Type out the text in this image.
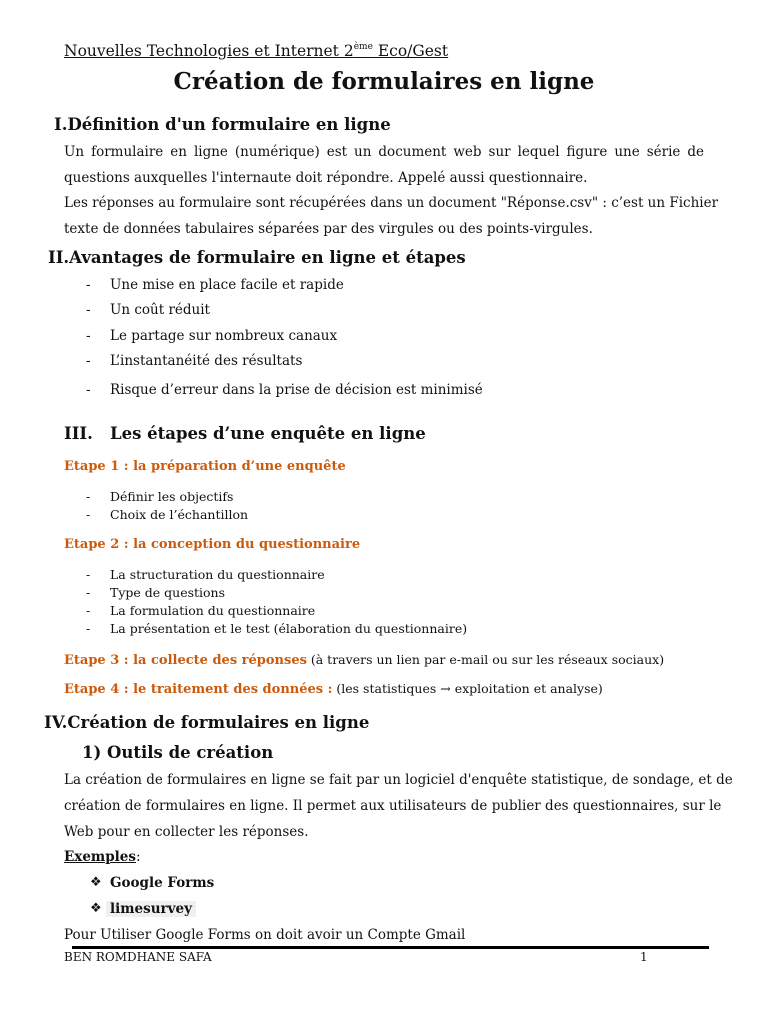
Nouvelles Technologies et Internet 2ème Eco/Gest
Création de formulaires en ligne
I.Définition d'un formulaire en ligne
Un formulaire en ligne (numérique) est un document web sur lequel figure une série de
questions auxquelles l'internaute doit répondre. Appelé aussi questionnaire.
Les réponses au formulaire sont récupérées dans un document "Réponse.csv" : c’est un Fichier
texte de données tabulaires séparées par des virgules ou des points-virgules.
II.Avantages de formulaire en ligne et étapes
- Une mise en place facile et rapide
- Un coût réduit
- Le partage sur nombreux canaux
- L’instantanéité des résultats
- Risque d’erreur dans la prise de décision est minimisé
III. Les étapes d’une enquête en ligne
Etape 1 : la préparation d’une enquête
- Définir les objectifs
- Choix de l’échantillon
Etape 2 : la conception du questionnaire
- La structuration du questionnaire
- Type de questions
- La formulation du questionnaire
- La présentation et le test (élaboration du questionnaire)
Etape 3 : la collecte des réponses (à travers un lien par e-mail ou sur les réseaux sociaux)
Etape 4 : le traitement des données : (les statistiques → exploitation et analyse)
IV.Création de formulaires en ligne
1) Outils de création
La création de formulaires en ligne se fait par un logiciel d'enquête statistique, de sondage, et de
création de formulaires en ligne. Il permet aux utilisateurs de publier des questionnaires, sur le
Web pour en collecter les réponses.
Exemples:
❖ Google Forms
❖ limesurvey
Pour Utiliser Google Forms on doit avoir un Compte Gmail
BEN ROMDHANE SAFA	1
